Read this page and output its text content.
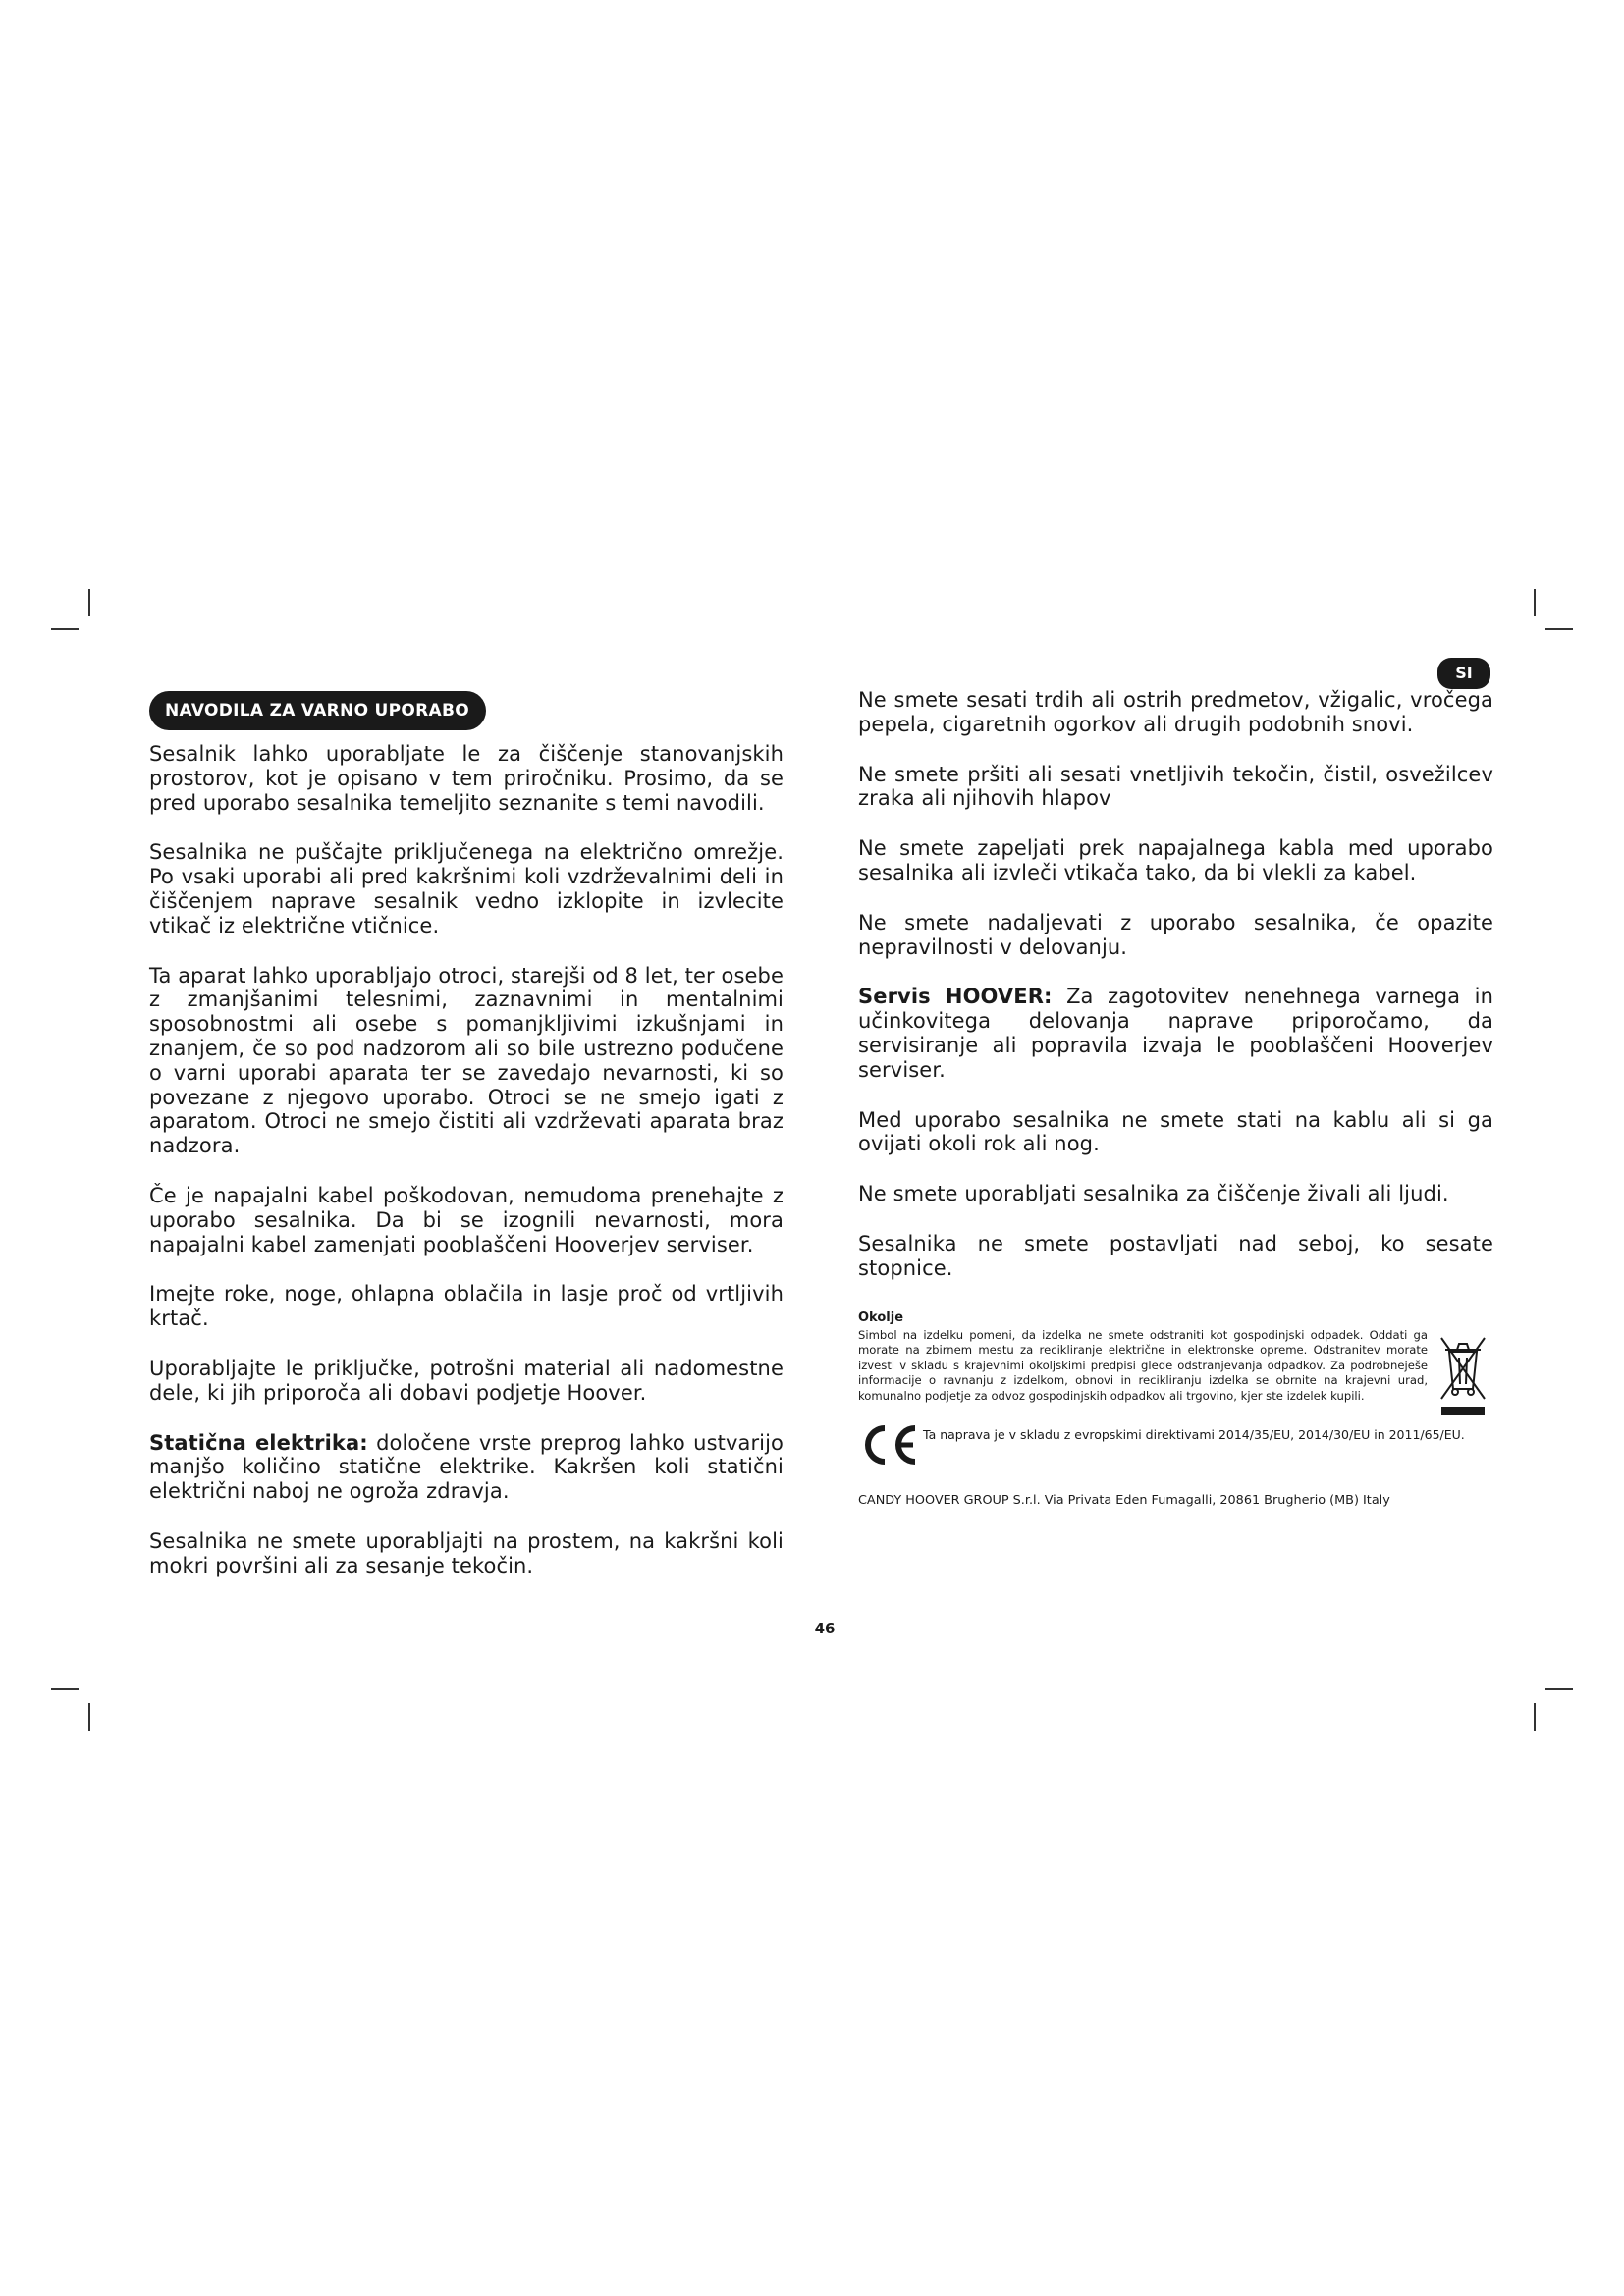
NAVODILA ZA VARNO UPORABO
SI

Sesalnik lahko uporabljate le za čiščenje stanovanjskih prostorov, kot je opisano v tem priročniku. Prosimo, da se pred uporabo sesalnika temeljito seznanite s temi navodili.

Sesalnika ne puščajte priključenega na električno omrežje. Po vsaki uporabi ali pred kakršnimi koli vzdrževalnimi deli in čiščenjem naprave sesalnik vedno izklopite in izvlecite vtikač iz električne vtičnice.

Ta aparat lahko uporabljajo otroci, starejši od 8 let, ter osebe z zmanjšanimi telesnimi, zaznavnimi in mentalnimi sposobnostmi ali osebe s pomanjkljivimi izkušnjami in znanjem, če so pod nadzorom ali so bile ustrezno podučene o varni uporabi aparata ter se zavedajo nevarnosti, ki so povezane z njegovo uporabo. Otroci se ne smejo igati z aparatom. Otroci ne smejo čistiti ali vzdrževati aparata braz nadzora.

Če je napajalni kabel poškodovan, nemudoma prenehajte z uporabo sesalnika. Da bi se izognili nevarnosti, mora napajalni kabel zamenjati pooblaščeni Hooverjev serviser.

Imejte roke, noge, ohlapna oblačila in lasje proč od vrtljivih krtač.

Uporabljajte le priključke, potrošni material ali nadomestne dele, ki jih priporoča ali dobavi podjetje Hoover.

Statična elektrika: določene vrste preprog lahko ustvarijo manjšo količino statične elektrike. Kakršen koli statični električni naboj ne ogroža zdravja.

Sesalnika ne smete uporabljajti na prostem, na kakršni koli mokri površini ali za sesanje tekočin.

Ne smete sesati trdih ali ostrih predmetov, vžigalic, vročega pepela, cigaretnih ogorkov ali drugih podobnih snovi.

Ne smete pršiti ali sesati vnetljivih tekočin, čistil, osvežilcev zraka ali njihovih hlapov

Ne smete zapeljati prek napajalnega kabla med uporabo sesalnika ali izvleči vtikača tako, da bi vlekli za kabel.

Ne smete nadaljevati z uporabo sesalnika, če opazite nepravilnosti v delovanju.

Servis HOOVER: Za zagotovitev nenehnega varnega in učinkovitega delovanja naprave priporočamo, da servisiranje ali popravila izvaja le pooblaščeni Hooverjev serviser.

Med uporabo sesalnika ne smete stati na kablu ali si ga ovijati okoli rok ali nog.

Ne smete uporabljati sesalnika za čiščenje živali ali ljudi.

Sesalnika ne smete postavljati nad seboj, ko sesate stopnice.

Okolje

Simbol na izdelku pomeni, da izdelka ne smete odstraniti kot gospodinjski odpadek. Oddati ga morate na zbirnem mestu za recikliranje električne in elektronske opreme. Odstranitev morate izvesti v skladu s krajevnimi okoljskimi predpisi glede odstranjevanja odpadkov. Za podrobneješe informacije o ravnanju z izdelkom, obnovi in recikliranju izdelka se obrnite na krajevni urad, komunalno podjetje za odvoz gospodinjskih odpadkov ali trgovino, kjer ste izdelek kupili.

Ta naprava je v skladu z evropskimi direktivami 2014/35/EU, 2014/30/EU in 2011/65/EU.

CANDY HOOVER GROUP S.r.l. Via Privata Eden Fumagalli, 20861 Brugherio (MB) Italy

46
